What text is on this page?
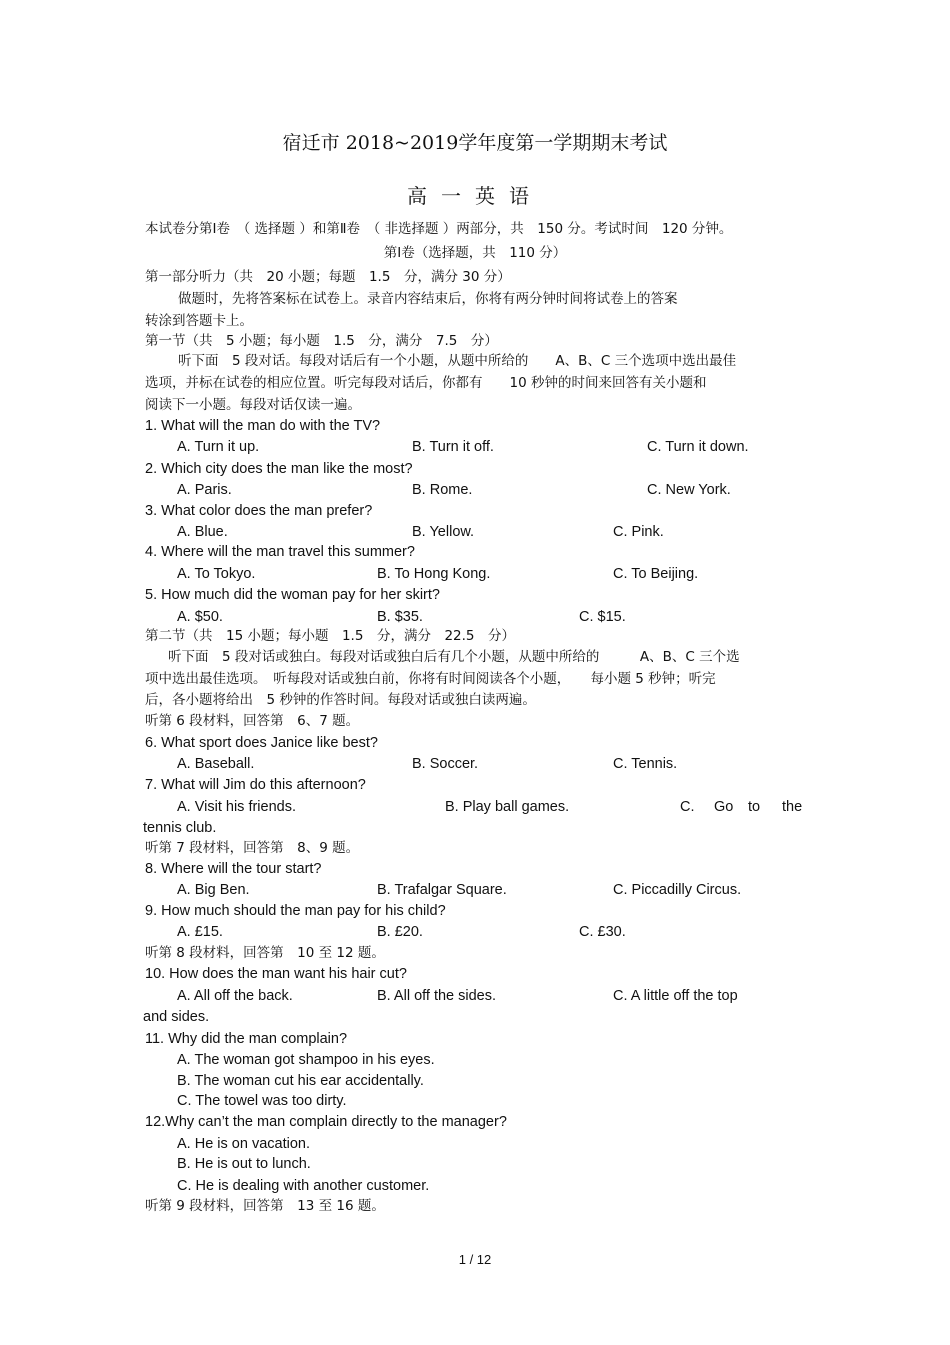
宿迁市 2018~2019学年度第一学期期末考试
高一英语
本试卷分第Ⅰ卷　（ 选择题 ）和第Ⅱ卷　（ 非选择题 ）两部分，共　150 分。考试时间　120 分钟。
第Ⅰ卷（选择题，共　110 分）
第一部分听力（共　20 小题；每题　1.5　分，满分 30 分）
做题时，先将答案标在试卷上。录音内容结束后，你将有两分钟时间将试卷上的答案
转涂到答题卡上。
第一节（共　5 小题；每小题　1.5　分，满分　7.5　分）
听下面　5 段对话。每段对话后有一个小题，从题中所给的　　A、B、C 三个选项中选出最佳
选项，并标在试卷的相应位置。听完每段对话后，你都有　　10 秒钟的时间来回答有关小题和
阅读下一小题。每段对话仅读一遍。
1. What will the man do with the TV?
A. Turn it up.	B. Turn it off.	C. Turn it down.
2. Which city does the man like the most?
A. Paris.	B. Rome.	C. New York.
3. What color does the man prefer?
A. Blue.	B. Yellow.	C. Pink.
4. Where will the man travel this summer?
A. To Tokyo.	B. To Hong Kong.	C. To Beijing.
5. How much did the woman pay for her skirt?
A. $50.	B. $35.	C. $15.
第二节（共　15 小题；每小题　1.5　分，满分　22.5　分）
听下面　5 段对话或独白。每段对话或独白后有几个小题，从题中所给的　　　A、B、C 三个选
项中选出最佳选项。　听每段对话或独白前，你将有时间阅读各个小题，　　每小题 5 秒钟；听完
后，各小题将给出　5 秒钟的作答时间。每段对话或独白读两遍。
听第 6 段材料，回答第　6、7 题。
6. What sport does Janice like best?
A. Baseball.	B. Soccer.	C. Tennis.
7. What will Jim do this afternoon?
A. Visit his friends.	B. Play ball games.	C. Go to the
tennis club.
听第 7 段材料，回答第　8、9 题。
8. Where will the tour start?
A. Big Ben.	B. Trafalgar Square.	C. Piccadilly Circus.
9. How much should the man pay for his child?
A. £15.	B. £20.	C. £30.
听第 8 段材料，回答第　10 至 12 题。
10. How does the man want his hair cut?
A. All off the back.	B. All off the sides.	C. A little off the top
and sides.
11. Why did the man complain?
A. The woman got shampoo in his eyes.
B. The woman cut his ear accidentally.
C. The towel was too dirty.
12.Why can’t the man complain directly to the manager?
A. He is on vacation.
B. He is out to lunch.
C. He is dealing with another customer.
听第 9 段材料，回答第　13 至 16 题。
1 / 12
